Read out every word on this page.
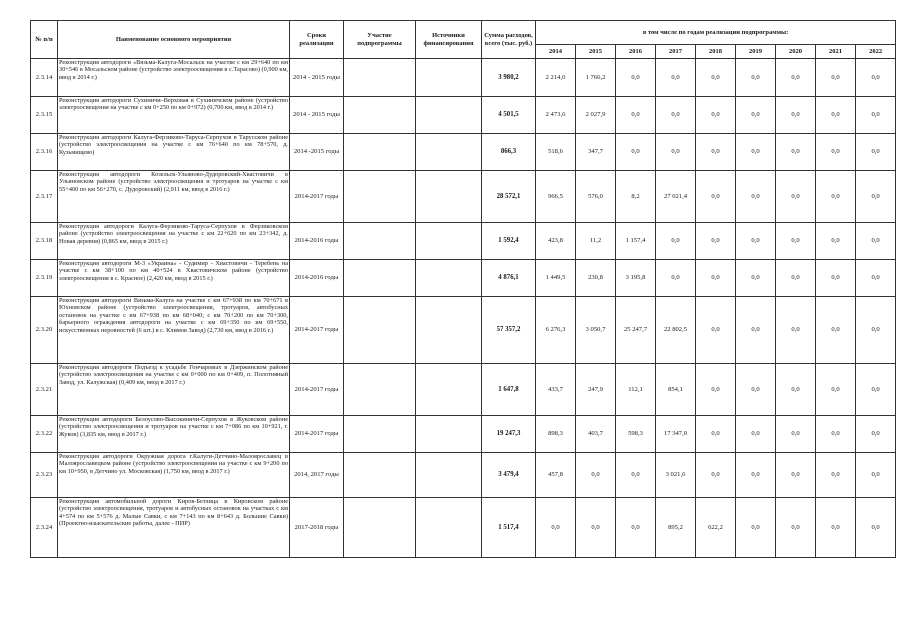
№ п/п	Наименование основного мероприятия	Сроки реализации	Участие подпрограммы	Источники финансирования	Сумма расходов, всего (тыс. руб.)	в том числе по годам реализации подпрограммы:								
						2014	2015	2016	2017	2018	2019	2020	2021	2022
2.3.14	Реконструкция автодороги «Вязьма-Калуга-Мосальск на участке с км 29+640 по км 30+546 в Мосальском районе (устройство электроосвещения в с.Тарасово) (0,900 км, ввод в 2014 г.)	2014 - 2015 годы			3 980,2	2 214,0	1 766,2	0,0	0,0	0,0	0,0	0,0	0,0	0,0
2.3.15	Реконструкция автодороги Сухиничи–Верховая в Сухиничском районе (устройство электроосвещения на участке с км 0+250 по км 0+972) (0,700 км, ввод в 2014 г.)	2014 - 2015 годы			4 501,5	2 473,6	2 027,9	0,0	0,0	0,0	0,0	0,0	0,0	0,0
2.3.16	Реконструкция автодороги Калуга-Ферзиково-Таруса-Серпухов в Тарусском районе (устройство электроосвещения на участке с км 76+640 по км 78+570, д. Кузьмищево)	2014 -2015 годы			866,3	518,6	347,7	0,0	0,0	0,0	0,0	0,0	0,0	0,0
2.3.17	Реконструкция автодороги Козельск-Ульяново-Дудоровский-Хвастовичи в Ульяновском районе (устройство электроосвещения и тротуаров на участке с км 55+400 по км 56+270, с. Дудоровский) (2,911 км, ввод в 2016 г.)	2014-2017 годы			28 572,1	966,5	576,0	8,2	27 021,4	0,0	0,0	0,0	0,0	0,0
2.3.18	Реконструкция автодороги Калуга-Ферзиково-Таруса-Серпухов в Ферзиковском районе (устройство электроосвещения на участке с км 22+620 по км 23+342, д. Новая деревня) (0,865 км, ввод в 2015 г.)	2014-2016 годы			1 592,4	423,8	11,2	1 157,4	0,0	0,0	0,0	0,0	0,0	0,0
2.3.19	Реконструкция автодороги М-3 «Украина» - Судимир - Хвастовичи - Теребень на участке с км 38+100 по км 40+524 в Хвастовичском районе (устройство электроосвещения в с. Красное) (2,420 км, ввод в 2015 г.)	2014-2016 годы			4 876,1	1 449,5	230,8	3 195,8	0,0	0,0	0,0	0,0	0,0	0,0
2.3.20	Реконструкция автодороги Вязьма-Калуга на участке с км 67+938 по км 70+671 в Юхновском районе (устройство электроосвещения, тротуаров, автобусных остановок на участке с км 67+938 по км 68+040; с км 70+200 по км 70+300, барьерного ограждения автодороги на участке с км 69+350 по км 69+550, искусственных неровностей (6 шт.) в с. Климов Завод) (2,730 км, ввод в 2016 г.)	2014-2017 годы			57 357,2	6 276,3	3 050,7	25 247,7	22 802,5	0,0	0,0	0,0	0,0	0,0
2.3.21	Реконструкция автодороги Подъезд к усадьбе Гончаровых в Дзержинском районе (устройство электроосвещения на участке с км 0+000 по км 0+409, п. Полотняный Завод, ул. Калужская) (0,409 км, ввод в 2017 г.)	2014-2017 годы			1 647,8	433,7	247,9	112,1	854,1	0,0	0,0	0,0	0,0	0,0
2.3.22	Реконструкция автодороги Белоусово-Высокиничи-Серпухов в Жуковском районе (устройство электроосвещения и тротуаров на участке с км 7+086 по км 10+921, г. Жуков) (3,835 км, ввод в 2017 г.)	2014-2017 годы			19 247,3	898,3	403,7	598,3	17 347,0	0,0	0,0	0,0	0,0	0,0
2.3.23	Реконструкция автодороги Окружная дорога г.Калуги-Детчино-Малоярославец в Малоярославецком районе (устройство электроосвещения на участке с км 9+200 по км 10+950, в Детчино ул. Московская) (1,750 км, ввод в 2017 г.)	2014, 2017 годы			3 479,4	457,8	0,0	0,0	3 021,6	0,0	0,0	0,0	0,0	0,0
2.3.24	Реконструкция автомобильной дороги Киров-Бетлица в Кировском районе (устройство электроосвещения, тротуаров и автобусных остановок на участках с км 4+574 по км 5+576 д. Малые Савки, с км 7+143 по км 8+643 д. Большие Савки) (Проектно-изыскательские работы, далее - ПИР)	2017-2018 годы			1 517,4	0,0	0,0	0,0	895,2	622,2	0,0	0,0	0,0	0,0
